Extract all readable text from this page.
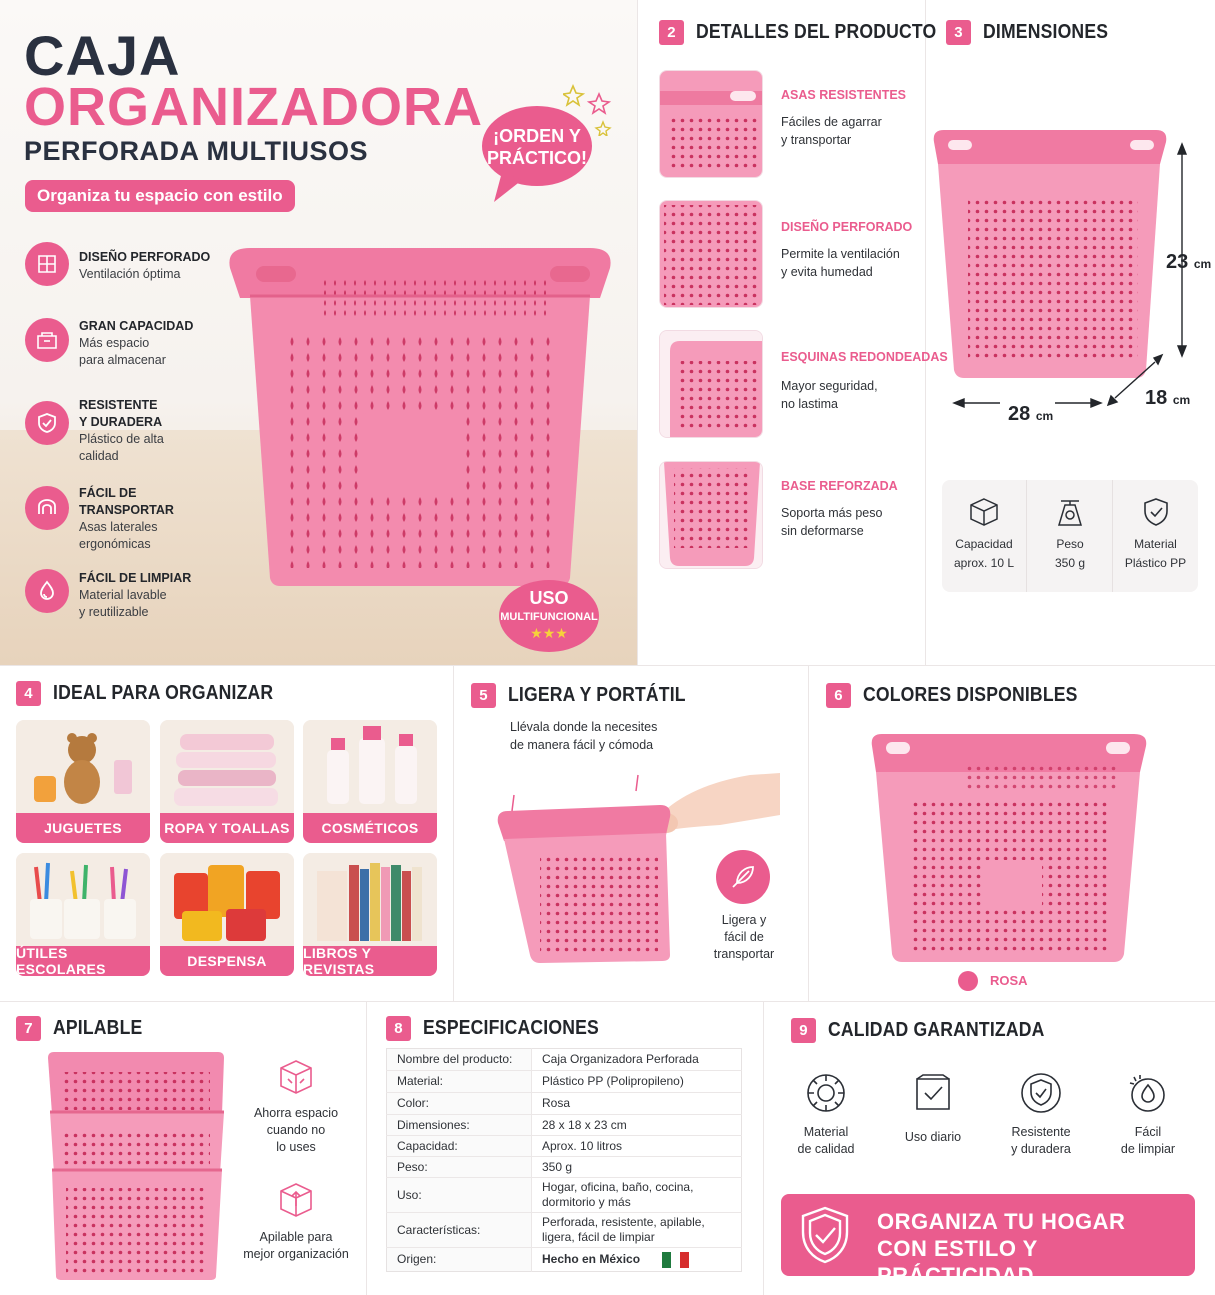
CAJA
ORGANIZADORA
PERFORADA MULTIUSOS
Organiza tu espacio con estilo
¡ORDEN Y
PRÁCTICO!
USO
MULTIFUNCIONAL
★★★
DISEÑO PERFORADO
Ventilación óptima
GRAN CAPACIDAD
Más espacio
para almacenar
RESISTENTE
Y DURADERA
Plástico de alta
calidad
FÁCIL DE
TRANSPORTAR
Asas laterales
ergonómicas
FÁCIL DE LIMPIAR
Material lavable
y reutilizable
2	DETALLES DEL PRODUCTO
ASAS RESISTENTES
Fáciles de agarrar
y transportar
DISEÑO PERFORADO
Permite la ventilación
y evita humedad
ESQUINAS REDONDEADAS
Mayor seguridad,
no lastima
BASE REFORZADA
Soporta más peso
sin deformarse
3	DIMENSIONES
23 cm
28 cm
18 cm
Capacidad
aprox. 10 L
Peso
350 g
Material
Plástico PP
4	IDEAL PARA ORGANIZAR
JUGUETES	ROPA Y TOALLAS	COSMÉTICOS
ÚTILES ESCOLARES	DESPENSA	LIBROS Y REVISTAS
5	LIGERA Y PORTÁTIL
Llévala donde la necesites
de manera fácil y cómoda
Ligera y
fácil de
transportar
6	COLORES DISPONIBLES
ROSA
7	APILABLE
Ahorra espacio
cuando no
lo uses
Apilable para
mejor organización
8	ESPECIFICACIONES
Nombre del producto:	Caja Organizadora Perforada
Material:	Plástico PP (Polipropileno)
Color:	Rosa
Dimensiones:	28 x 18 x 23 cm
Capacidad:	Aprox. 10 litros
Peso:	350 g
Uso:	Hogar, oficina, baño, cocina, dormitorio y más
Características:	Perforada, resistente, apilable, ligera, fácil de limpiar
Origen:	Hecho en México
9	CALIDAD GARANTIZADA
Material
de calidad
Uso diario	Resistente
y duradera
Fácil
de limpiar
ORGANIZA TU HOGAR
CON ESTILO Y PRÁCTICIDAD
